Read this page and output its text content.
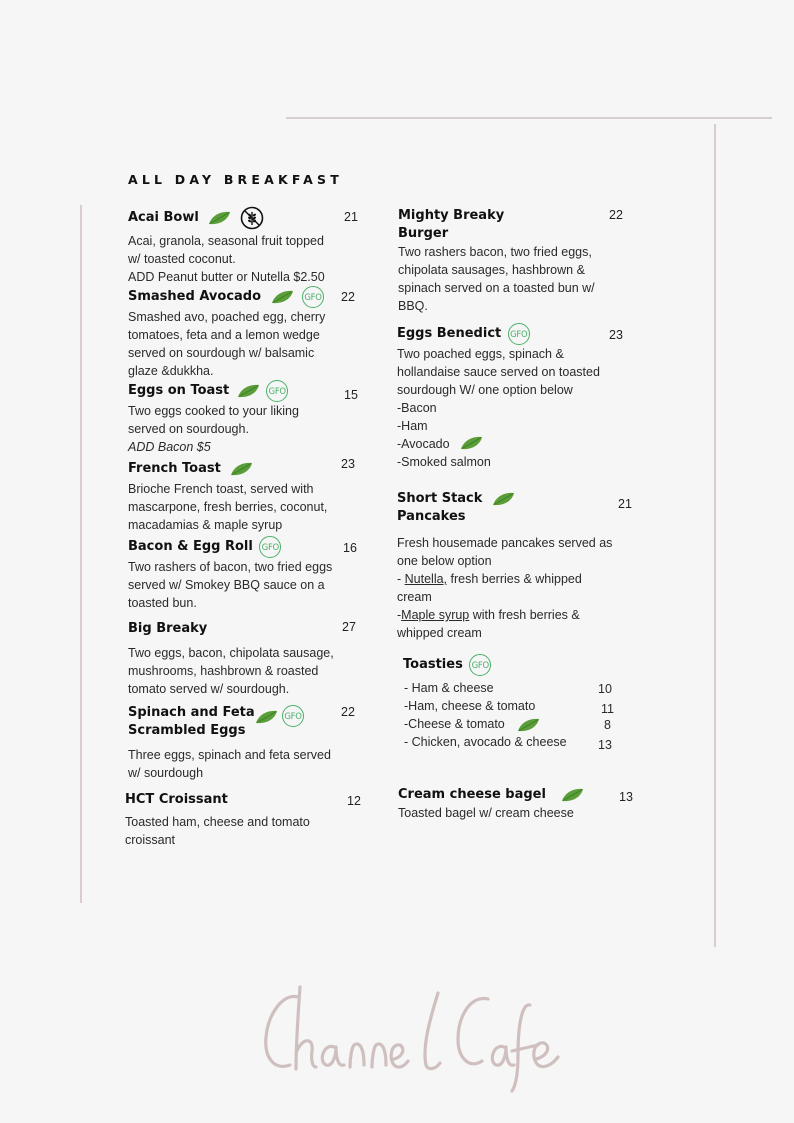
ALL DAY BREAKFAST
Acai Bowl	21
Acai, granola, seasonal fruit topped
w/ toasted coconut.
ADD Peanut butter or Nutella $2.50
Smashed Avocado	GFO 22
Smashed avo, poached egg, cherry
tomatoes, feta and a lemon wedge
served on sourdough w/ balsamic
glaze &dukkha.
Eggs on Toast	GFO	15
Two eggs cooked to your liking
served on sourdough.
ADD Bacon $5
French Toast	23
Brioche French toast, served with
mascarpone, fresh berries, coconut,
macadamias & maple syrup
Bacon & Egg Roll GFO	16
Two rashers of bacon, two fried eggs
served w/ Smokey BBQ sauce on a
toasted bun.
Big Breaky	27
Two eggs, bacon, chipolata sausage,
mushrooms, hashbrown & roasted
tomato served w/ sourdough.
Spinach and Feta
Scrambled Eggs
GFO	22
Three eggs, spinach and feta served
w/ sourdough
HCT Croissant	12
Toasted ham, cheese and tomato
croissant
Mighty Breaky
Burger
22
Two rashers bacon, two fried eggs,
chipolata sausages, hashbrown &
spinach served on a toasted bun w/
BBQ.
Eggs Benedict GFO	23
Two poached eggs, spinach &
hollandaise sauce served on toasted
sourdough W/ one option below
-Bacon
-Ham
-Avocado
-Smoked salmon
Short Stack
Pancakes
21
Fresh housemade pancakes served as
one below option
- Nutella, fresh berries & whipped
cream
-Maple syrup with fresh berries &
whipped cream
Toasties GFO
- Ham & cheese	10
-Ham, cheese & tomato	11
-Cheese & tomato	8
- Chicken, avocado & cheese	13
Cream cheese bagel	13
Toasted bagel w/ cream cheese
